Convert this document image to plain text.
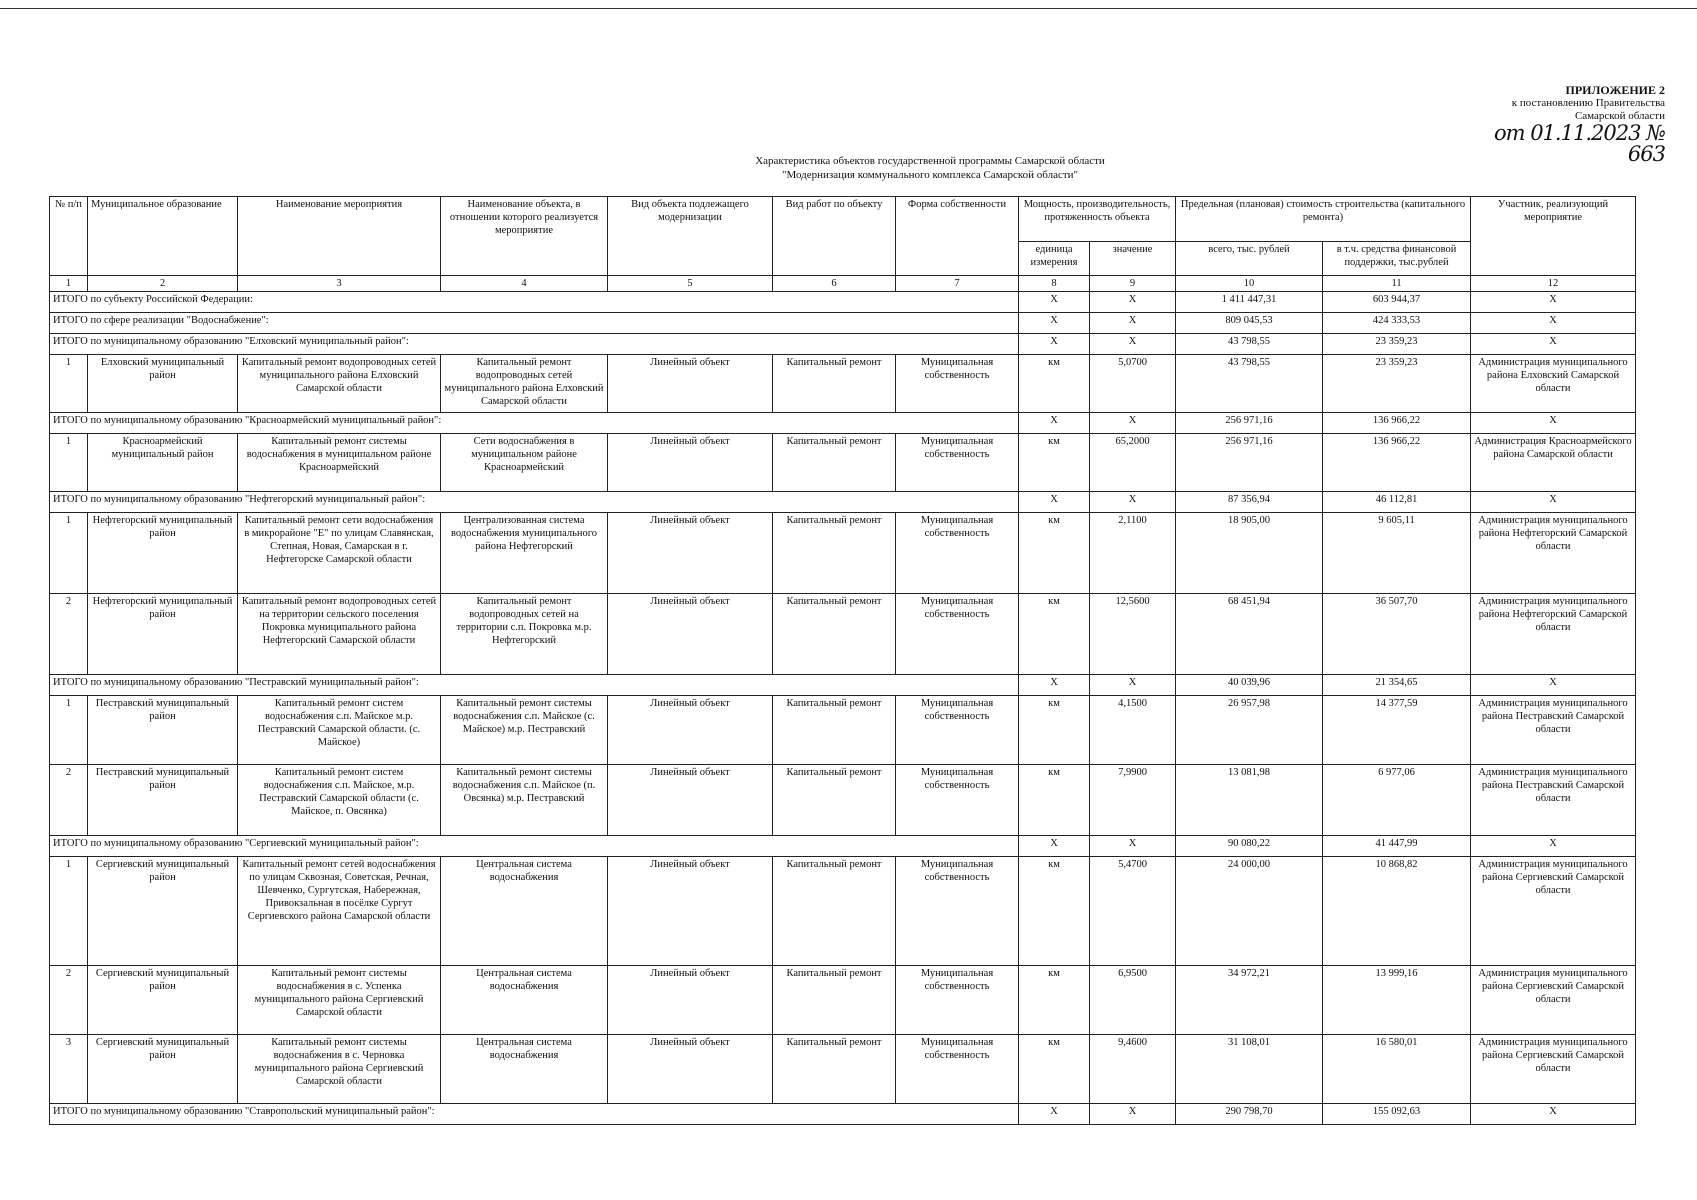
ПРИЛОЖЕНИЕ 2
к постановлению Правительства
Самарской области
от 01.11.2023 № 663
Характеристика объектов государственной программы Самарской области
"Модернизация коммунального комплекса Самарской области"
№ п/п	Муниципальное образование	Наименование мероприятия	Наименование объекта, в отношении которого реализуется мероприятие	Вид объекта подлежащего модернизации	Вид работ по объекту	Форма собственности	Мощность, производительность, протяженность объекта		Предельная (плановая) стоимость строительства (капитального ремонта)		Участник, реализующий мероприятие
							единица измерения	значение	всего, тыс. рублей	в т.ч. средства финансовой поддержки, тыс.рублей	
1	2	3	4	5	6	7	8	9	10	11	12
ИТОГО по субъекту Российской Федерации:							X	X	1 411 447,31	603 944,37	X
ИТОГО по сфере реализации "Водоснабжение":							X	X	809 045,53	424 333,53	X
ИТОГО по муниципальному образованию "Елховский муниципальный район":							X	X	43 798,55	23 359,23	X
1	Елховский муниципальный район	Капитальный ремонт водопроводных сетей муниципального района Елховский Самарской области	Капитальный ремонт водопроводных сетей муниципального района Елховский Самарской области	Линейный объект	Капитальный ремонт	Муниципальная собственность	км	5,0700	43 798,55	23 359,23	Администрация муниципального района Елховский Самарской области
ИТОГО по муниципальному образованию "Красноармейский муниципальный район":							X	X	256 971,16	136 966,22	X
1	Красноармейский муниципальный район	Капитальный ремонт системы водоснабжения в муниципальном районе Красноармейский	Сети водоснабжения в муниципальном районе Красноармейский	Линейный объект	Капитальный ремонт	Муниципальная собственность	км	65,2000	256 971,16	136 966,22	Администрация Красноармейского района Самарской области
ИТОГО по муниципальному образованию "Нефтегорский муниципальный район":							X	X	87 356,94	46 112,81	X
1	Нефтегорский муниципальный район	Капитальный ремонт сети водоснабжения в микрорайоне "Е" по улицам Славянская, Степная, Новая, Самарская в г. Нефтегорске Самарской области	Централизованная система водоснабжения муниципального района Нефтегорский	Линейный объект	Капитальный ремонт	Муниципальная собственность	км	2,1100	18 905,00	9 605,11	Администрация муниципального района Нефтегорский Самарской области
2	Нефтегорский муниципальный район	Капитальный ремонт водопроводных сетей на территории сельского поселения Покровка муниципального района Нефтегорский Самарской области	Капитальный ремонт водопроводных сетей на территории с.п. Покровка м.р. Нефтегорский	Линейный объект	Капитальный ремонт	Муниципальная собственность	км	12,5600	68 451,94	36 507,70	Администрация муниципального района Нефтегорский Самарской области
ИТОГО по муниципальному образованию "Пестравский муниципальный район":							X	X	40 039,96	21 354,65	X
1	Пестравский муниципальный район	Капитальный ремонт систем водоснабжения с.п. Майское м.р. Пестравский Самарской области. (с. Майское)	Капитальный ремонт системы водоснабжения с.п. Майское (с. Майское) м.р. Пестравский	Линейный объект	Капитальный ремонт	Муниципальная собственность	км	4,1500	26 957,98	14 377,59	Администрация муниципального района Пестравский Самарской области
2	Пестравский муниципальный район	Капитальный ремонт систем водоснабжения с.п. Майское, м.р. Пестравский Самарской области (с. Майское, п. Овсянка)	Капитальный ремонт системы водоснабжения с.п. Майское (п. Овсянка) м.р. Пестравский	Линейный объект	Капитальный ремонт	Муниципальная собственность	км	7,9900	13 081,98	6 977,06	Администрация муниципального района Пестравский Самарской области
ИТОГО по муниципальному образованию "Сергиевский муниципальный район":							X	X	90 080,22	41 447,99	X
1	Сергиевский муниципальный район	Капитальный ремонт сетей водоснабжения по улицам Сквозная, Советская, Речная, Шевченко, Сургутская, Набережная, Привокзальная в посёлке Сургут Сергиевского района Самарской области	Центральная система водоснабжения	Линейный объект	Капитальный ремонт	Муниципальная собственность	км	5,4700	24 000,00	10 868,82	Администрация муниципального района Сергиевский Самарской области
2	Сергиевский муниципальный район	Капитальный ремонт системы водоснабжения в с. Успенка муниципального района Сергиевский Самарской области	Центральная система водоснабжения	Линейный объект	Капитальный ремонт	Муниципальная собственность	км	6,9500	34 972,21	13 999,16	Администрация муниципального района Сергиевский Самарской области
3	Сергиевский муниципальный район	Капитальный ремонт системы водоснабжения в с. Черновка муниципального района Сергиевский Самарской области	Центральная система водоснабжения	Линейный объект	Капитальный ремонт	Муниципальная собственность	км	9,4600	31 108,01	16 580,01	Администрация муниципального района Сергиевский Самарской области
ИТОГО по муниципальному образованию "Ставропольский муниципальный район":							X	X	290 798,70	155 092,63	X
